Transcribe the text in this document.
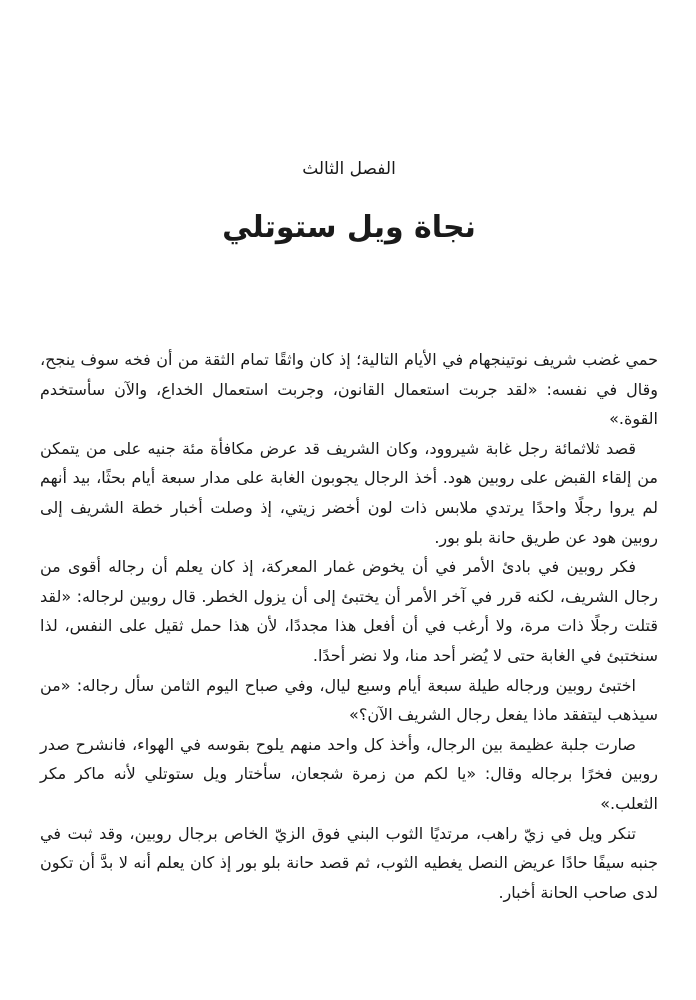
الفصل الثالث
نجاة ويل ستوتلي

حمي غضب شريف نوتينجهام في الأيام التالية؛ إذ كان واثقًا تمام الثقة من أن فخه سوف ينجح، وقال في نفسه: «لقد جربت استعمال القانون، وجربت استعمال الخداع، والآن سأستخدم القوة.»

قصد ثلاثمائة رجل غابة شيروود، وكان الشريف قد عرض مكافأة مئة جنيه على من يتمكن من إلقاء القبض على روبين هود. أخذ الرجال يجوبون الغابة على مدار سبعة أيام بحثًا، بيد أنهم لم يروا رجلًا واحدًا يرتدي ملابس ذات لون أخضر زيتي، إذ وصلت أخبار خطة الشريف إلى روبين هود عن طريق حانة بلو بور.

فكر روبين في بادئ الأمر في أن يخوض غمار المعركة، إذ كان يعلم أن رجاله أقوى من رجال الشريف، لكنه قرر في آخر الأمر أن يختبئ إلى أن يزول الخطر. قال روبين لرجاله: «لقد قتلت رجلًا ذات مرة، ولا أرغب في أن أفعل هذا مجددًا، لأن هذا حمل ثقيل على النفس، لذا سنختبئ في الغابة حتى لا يُضر أحد منا، ولا نضر أحدًا.

اختبئ روبين ورجاله طيلة سبعة أيام وسبع ليال، وفي صباح اليوم الثامن سأل رجاله: «من سيذهب ليتفقد ماذا يفعل رجال الشريف الآن؟»

صارت جلبة عظيمة بين الرجال، وأخذ كل واحد منهم يلوح بقوسه في الهواء، فانشرح صدر روبين فخرًا برجاله وقال: «يا لكم من زمرة شجعان، سأختار ويل ستوتلي لأنه ماكر مكر الثعلب.»

تنكر ويل في زيّ راهب، مرتديًا الثوب البني فوق الزيّ الخاص برجال روبين، وقد ثبت في جنبه سيفًا حادًا عريض النصل يغطيه الثوب، ثم قصد حانة بلو بور إذ كان يعلم أنه لا بدَّ أن تكون لدى صاحب الحانة أخبار.
